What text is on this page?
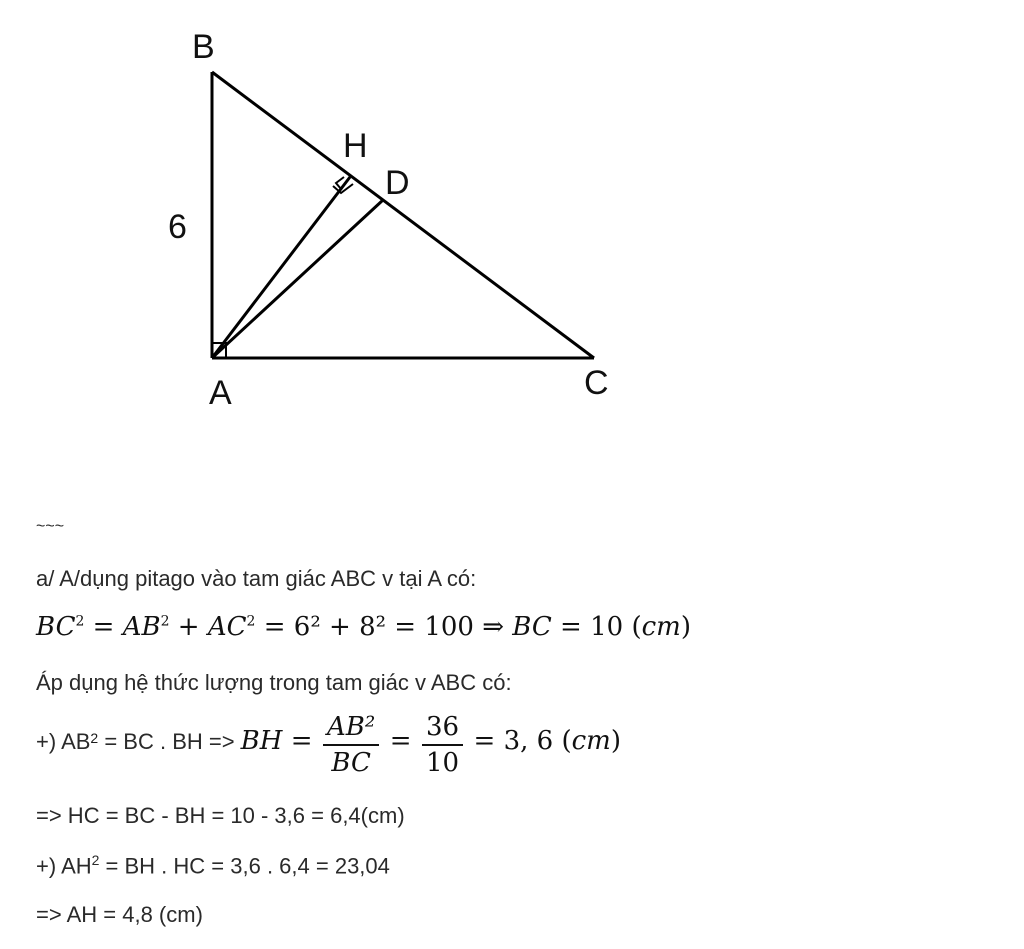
B
H
D
6
A	C
~~~
a/ A/dụng pitago vào tam giác ABC v tại A có:
$BC^2 = AB^2 + AC^2 = 6^2 + 8^2 = 100$ ⇒ BC = 10 (cm)
Áp dụng hệ thức lượng trong tam giác v ABC có:
+) $AB^2$ = BC . BH => BH = $\frac{\text{AB²}}{BC} = \frac{36}{10} = 3$, 6 (cm)
=> HC = BC - BH = 10 - 3,6 = 6,4(cm)
+) $AH^2$ = BH . HC = 3,6 . 6,4 = 23,04
=> AH = 4,8 (cm)
